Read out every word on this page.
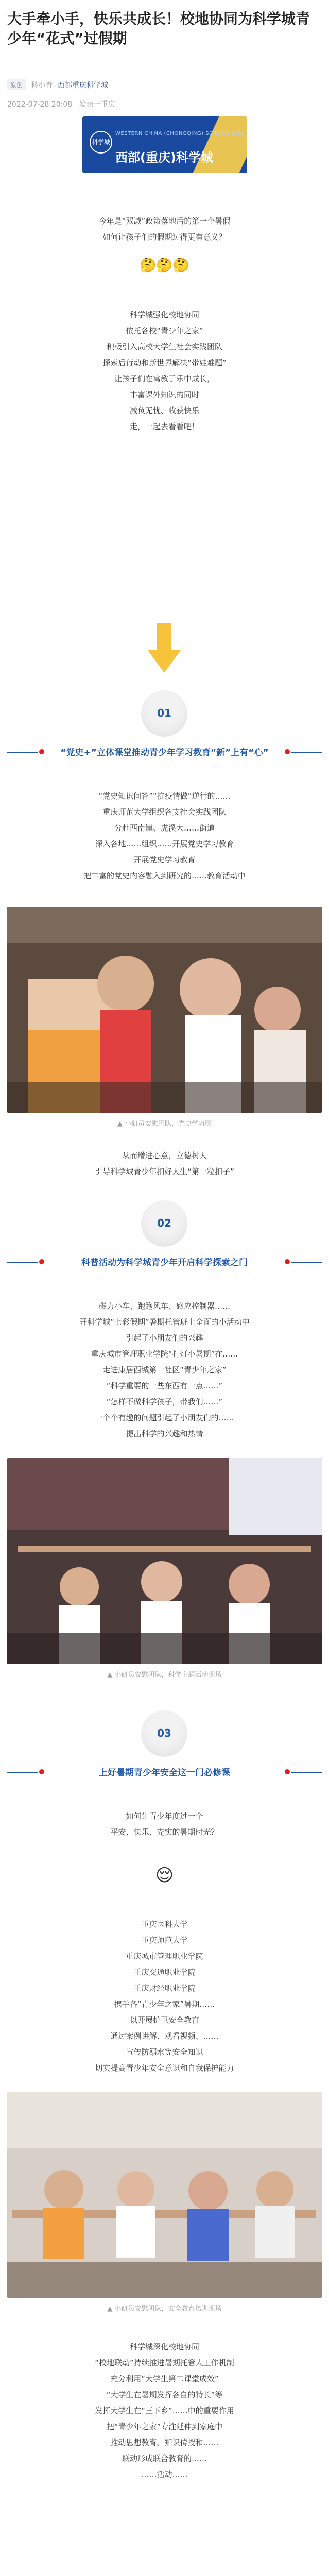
大手牵小手，快乐共成长！校地协同为科学城青少年“花式”过假期
原创	科小青 西部重庆科学城
2022-07-28 20:08 发表于重庆
科学城
WESTERN CHINA (CHONGQING) SCIENCE CITY
西部(重庆)科学城
今年是“双减”政策落地后的第一个暑假
如何让孩子们的假期过得更有意义？
🤔🤔🤔
科学城强化校地协同
依托各校“青少年之家”
积极引入高校大学生社会实践团队
探索后行动和新世界解决“带娃难题”
让孩子们在寓教于乐中成长，
丰富课外知识的同时
减负无忧、收获快乐
走，一起去看看吧！
01
“党史+”立体课堂推动青少年学习教育“新”上有“心”
“党史知识问答”“抗疫情做“逆行的……
重庆师范大学组织各支社会实践团队
分赴西南镇、虎溪大……街道
深入各地……组织……开展党史学习教育
开展党史学习教育
把丰富的党史内容融入到研究的……教育活动中
▲ 小研员安慰团队，党史学习照
从而增进心意，立德树人
引导科学城青少年扣好人生“第一粒扣子”
02
科普活动为科学城青少年开启科学探索之门
磁力小车、跑跑风车、感应控制器……
开科学城“七彩假期”暑期托管班上全面的小活动中
引起了小朋友们的兴趣
重庆城市管理职业学院“打灯小暑期”在……
走进康居西城第一社区“青少年之家”
“科学重要的一些东西有一点……”
“怎样不做科学孩子，带我们……”
一个个有趣的问题引起了小朋友们的……
提出科学的兴趣和热情
▲ 小研员安慰团队，科学主题活动现场
03
上好暑期青少年安全这一门必修课
如何让青少年度过一个
平安、快乐、充实的暑期时光？
😌
重庆医科大学
重庆师范大学
重庆城市管理职业学院
重庆交通职业学院
重庆财经职业学院
携手各“青少年之家”暑期……
以开展护卫安全教育
通过案例讲解、观看视频、……
宣传防溺水等安全知识
切实提高青少年安全意识和自我保护能力
▲ 小研员安慰团队，安全教育培训现场
科学城深化校地协同
“校地联动”持续推进暑期托管人工作机制
充分利用“大学生第二课堂成效”
“大学生在暑期发挥各自的特长”等
发挥大学生在“三下乡”……中的重要作用
把“青少年之家”专注延伸到家庭中
推动思想教育、知识传授和……
联动形成联合教育的……
……活动……
